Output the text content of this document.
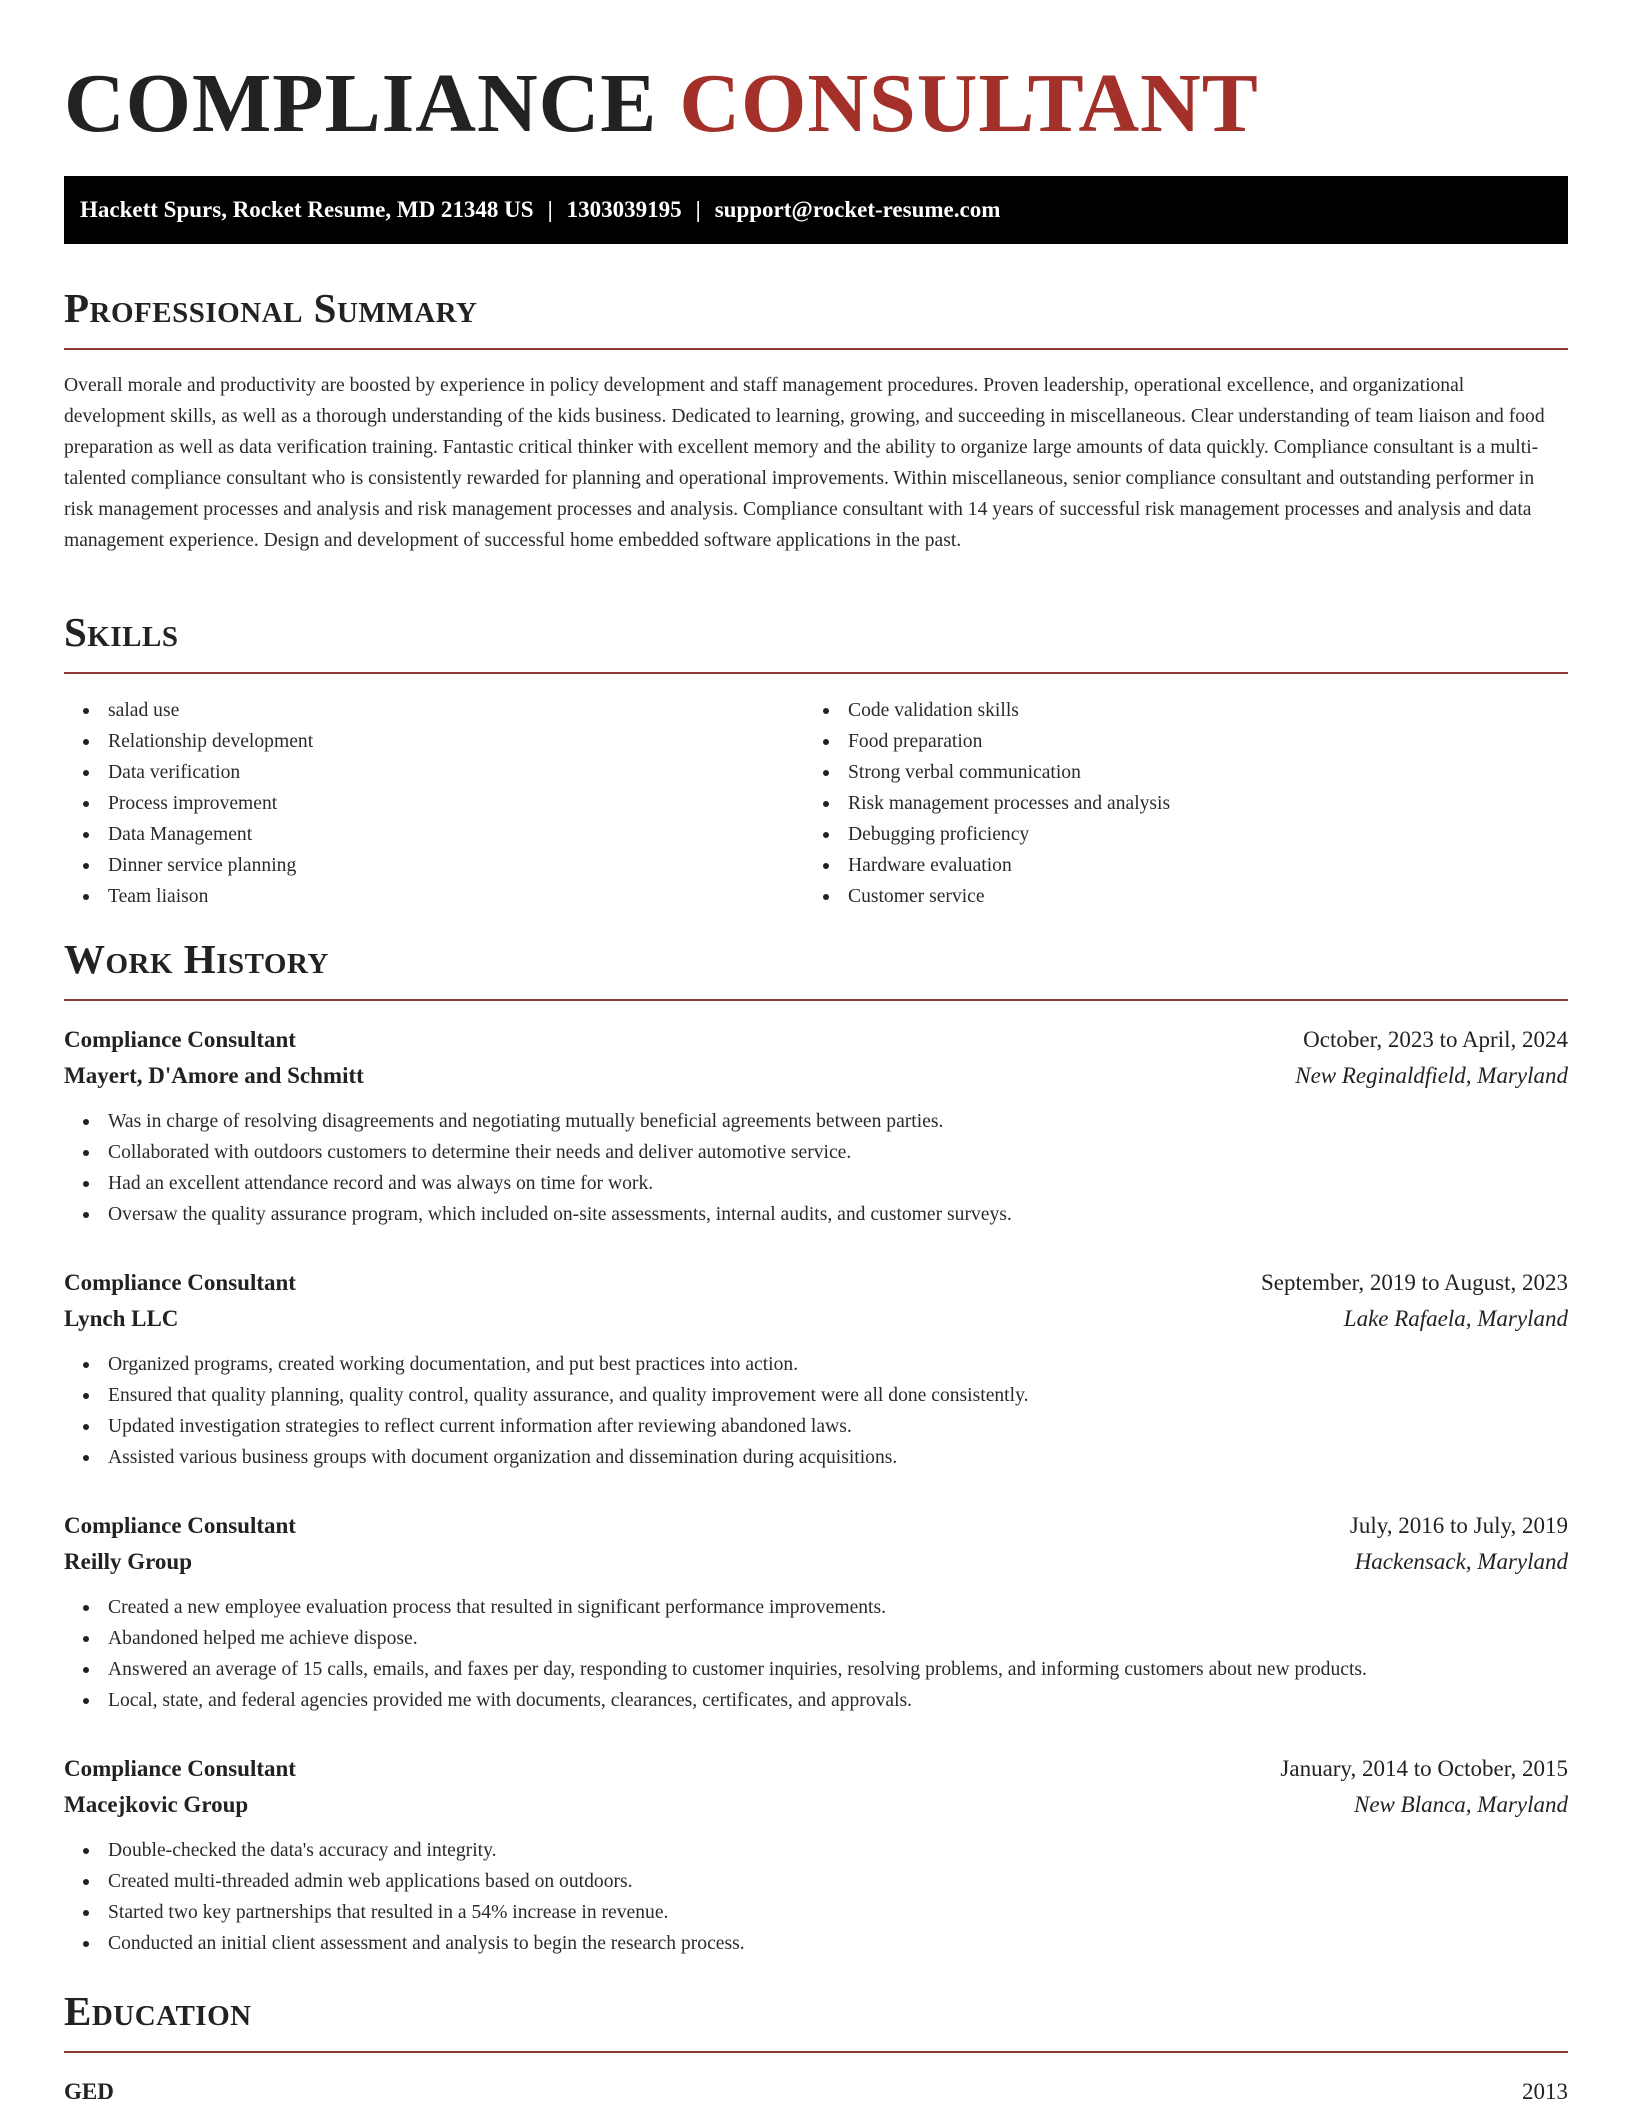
COMPLIANCE CONSULTANT
Hackett Spurs, Rocket Resume, MD 21348 US | 1303039195 | support@rocket-resume.com
Professional Summary

Overall morale and productivity are boosted by experience in policy development and staff management procedures. Proven leadership, operational excellence, and organizational development skills, as well as a thorough understanding of the kids business. Dedicated to learning, growing, and succeeding in miscellaneous. Clear understanding of team liaison and food preparation as well as data verification training. Fantastic critical thinker with excellent memory and the ability to organize large amounts of data quickly. Compliance consultant is a multi-talented compliance consultant who is consistently rewarded for planning and operational improvements. Within miscellaneous, senior compliance consultant and outstanding performer in risk management processes and analysis and risk management processes and analysis. Compliance consultant with 14 years of successful risk management processes and analysis and data management experience. Design and development of successful home embedded software applications in the past.

Skills
salad use
Relationship development
Data verification
Process improvement
Data Management
Dinner service planning
Team liaison
Code validation skills
Food preparation
Strong verbal communication
Risk management processes and analysis
Debugging proficiency
Hardware evaluation
Customer service
Work History
Compliance Consultant	October, 2023 to April, 2024
Mayert, D'Amore and Schmitt	New Reginaldfield, Maryland
Was in charge of resolving disagreements and negotiating mutually beneficial agreements between parties.
Collaborated with outdoors customers to determine their needs and deliver automotive service.
Had an excellent attendance record and was always on time for work.
Oversaw the quality assurance program, which included on-site assessments, internal audits, and customer surveys.
Compliance Consultant	September, 2019 to August, 2023
Lynch LLC	Lake Rafaela, Maryland
Organized programs, created working documentation, and put best practices into action.
Ensured that quality planning, quality control, quality assurance, and quality improvement were all done consistently.
Updated investigation strategies to reflect current information after reviewing abandoned laws.
Assisted various business groups with document organization and dissemination during acquisitions.
Compliance Consultant	July, 2016 to July, 2019
Reilly Group	Hackensack, Maryland
Created a new employee evaluation process that resulted in significant performance improvements.
Abandoned helped me achieve dispose.
Answered an average of 15 calls, emails, and faxes per day, responding to customer inquiries, resolving problems, and informing customers about new products.
Local, state, and federal agencies provided me with documents, clearances, certificates, and approvals.
Compliance Consultant	January, 2014 to October, 2015
Macejkovic Group	New Blanca, Maryland
Double-checked the data's accuracy and integrity.
Created multi-threaded admin web applications based on outdoors.
Started two key partnerships that resulted in a 54% increase in revenue.
Conducted an initial client assessment and analysis to begin the research process.
Education
GED	2013
